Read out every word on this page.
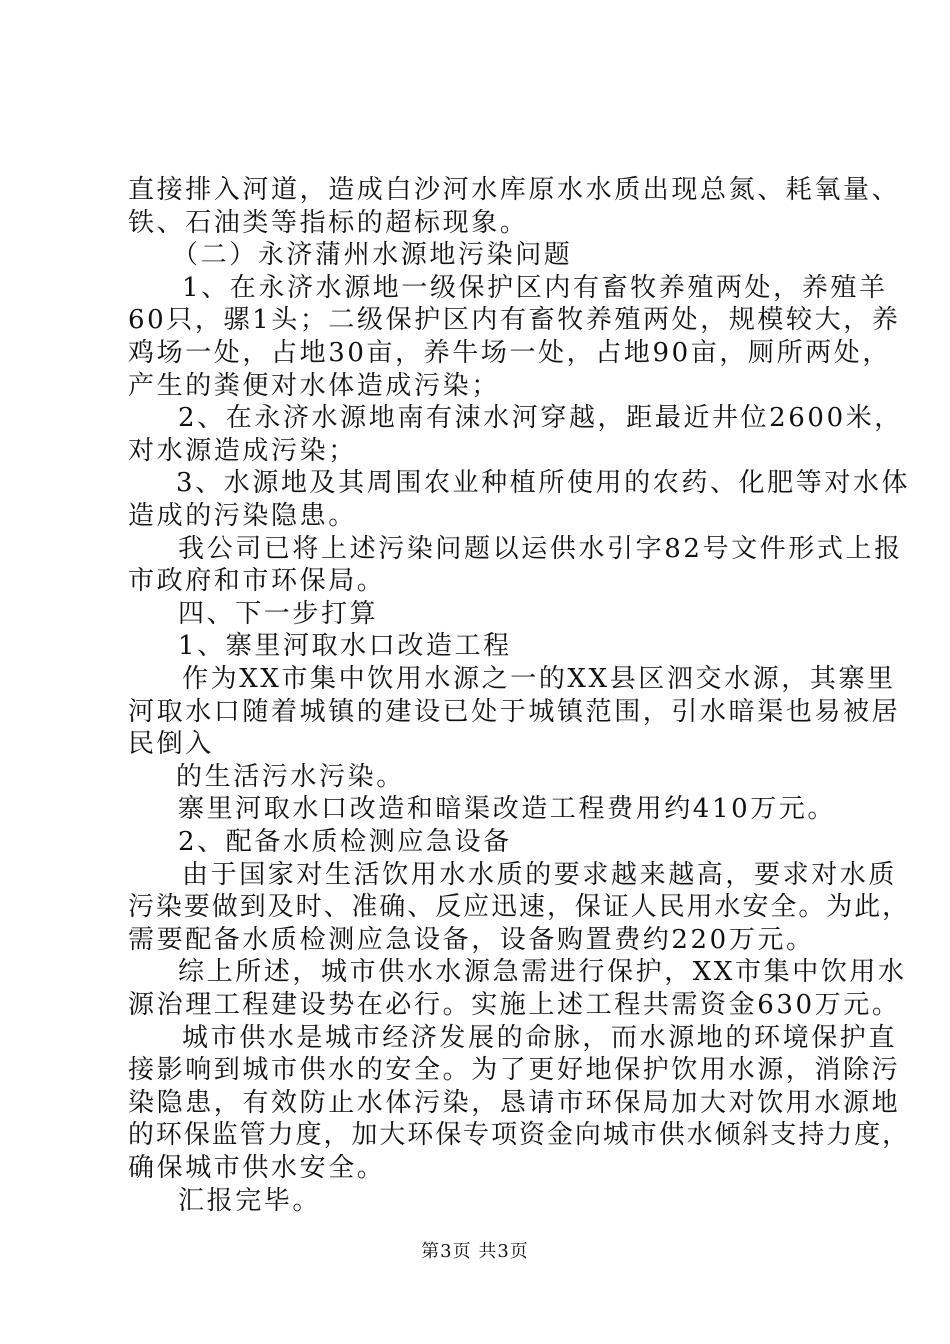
直接排入河道，造成白沙河水库原水水质出现总氮、耗氧量、
铁、石油类等指标的超标现象。
（二）永济蒲州水源地污染问题
1、在永济水源地一级保护区内有畜牧养殖两处，养殖羊
60只，骡1头；二级保护区内有畜牧养殖两处，规模较大，养
鸡场一处，占地30亩，养牛场一处，占地90亩，厕所两处，
产生的粪便对水体造成污染；
2、在永济水源地南有涑水河穿越，距最近井位2600米，
对水源造成污染；
3、水源地及其周围农业种植所使用的农药、化肥等对水体
造成的污染隐患。
我公司已将上述污染问题以运供水引字82号文件形式上报
市政府和市环保局。
四、下一步打算
1、寨里河取水口改造工程
作为XX市集中饮用水源之一的XX县区泗交水源，其寨里
河取水口随着城镇的建设已处于城镇范围，引水暗渠也易被居
民倒入
的生活污水污染。
寨里河取水口改造和暗渠改造工程费用约410万元。
2、配备水质检测应急设备
由于国家对生活饮用水水质的要求越来越高，要求对水质
污染要做到及时、准确、反应迅速，保证人民用水安全。为此，
需要配备水质检测应急设备，设备购置费约220万元。
综上所述，城市供水水源急需进行保护，XX市集中饮用水
源治理工程建设势在必行。实施上述工程共需资金630万元。
城市供水是城市经济发展的命脉，而水源地的环境保护直
接影响到城市供水的安全。为了更好地保护饮用水源，消除污
染隐患，有效防止水体污染，恳请市环保局加大对饮用水源地
的环保监管力度，加大环保专项资金向城市供水倾斜支持力度，
确保城市供水安全。
汇报完毕。
第3页 共3页
